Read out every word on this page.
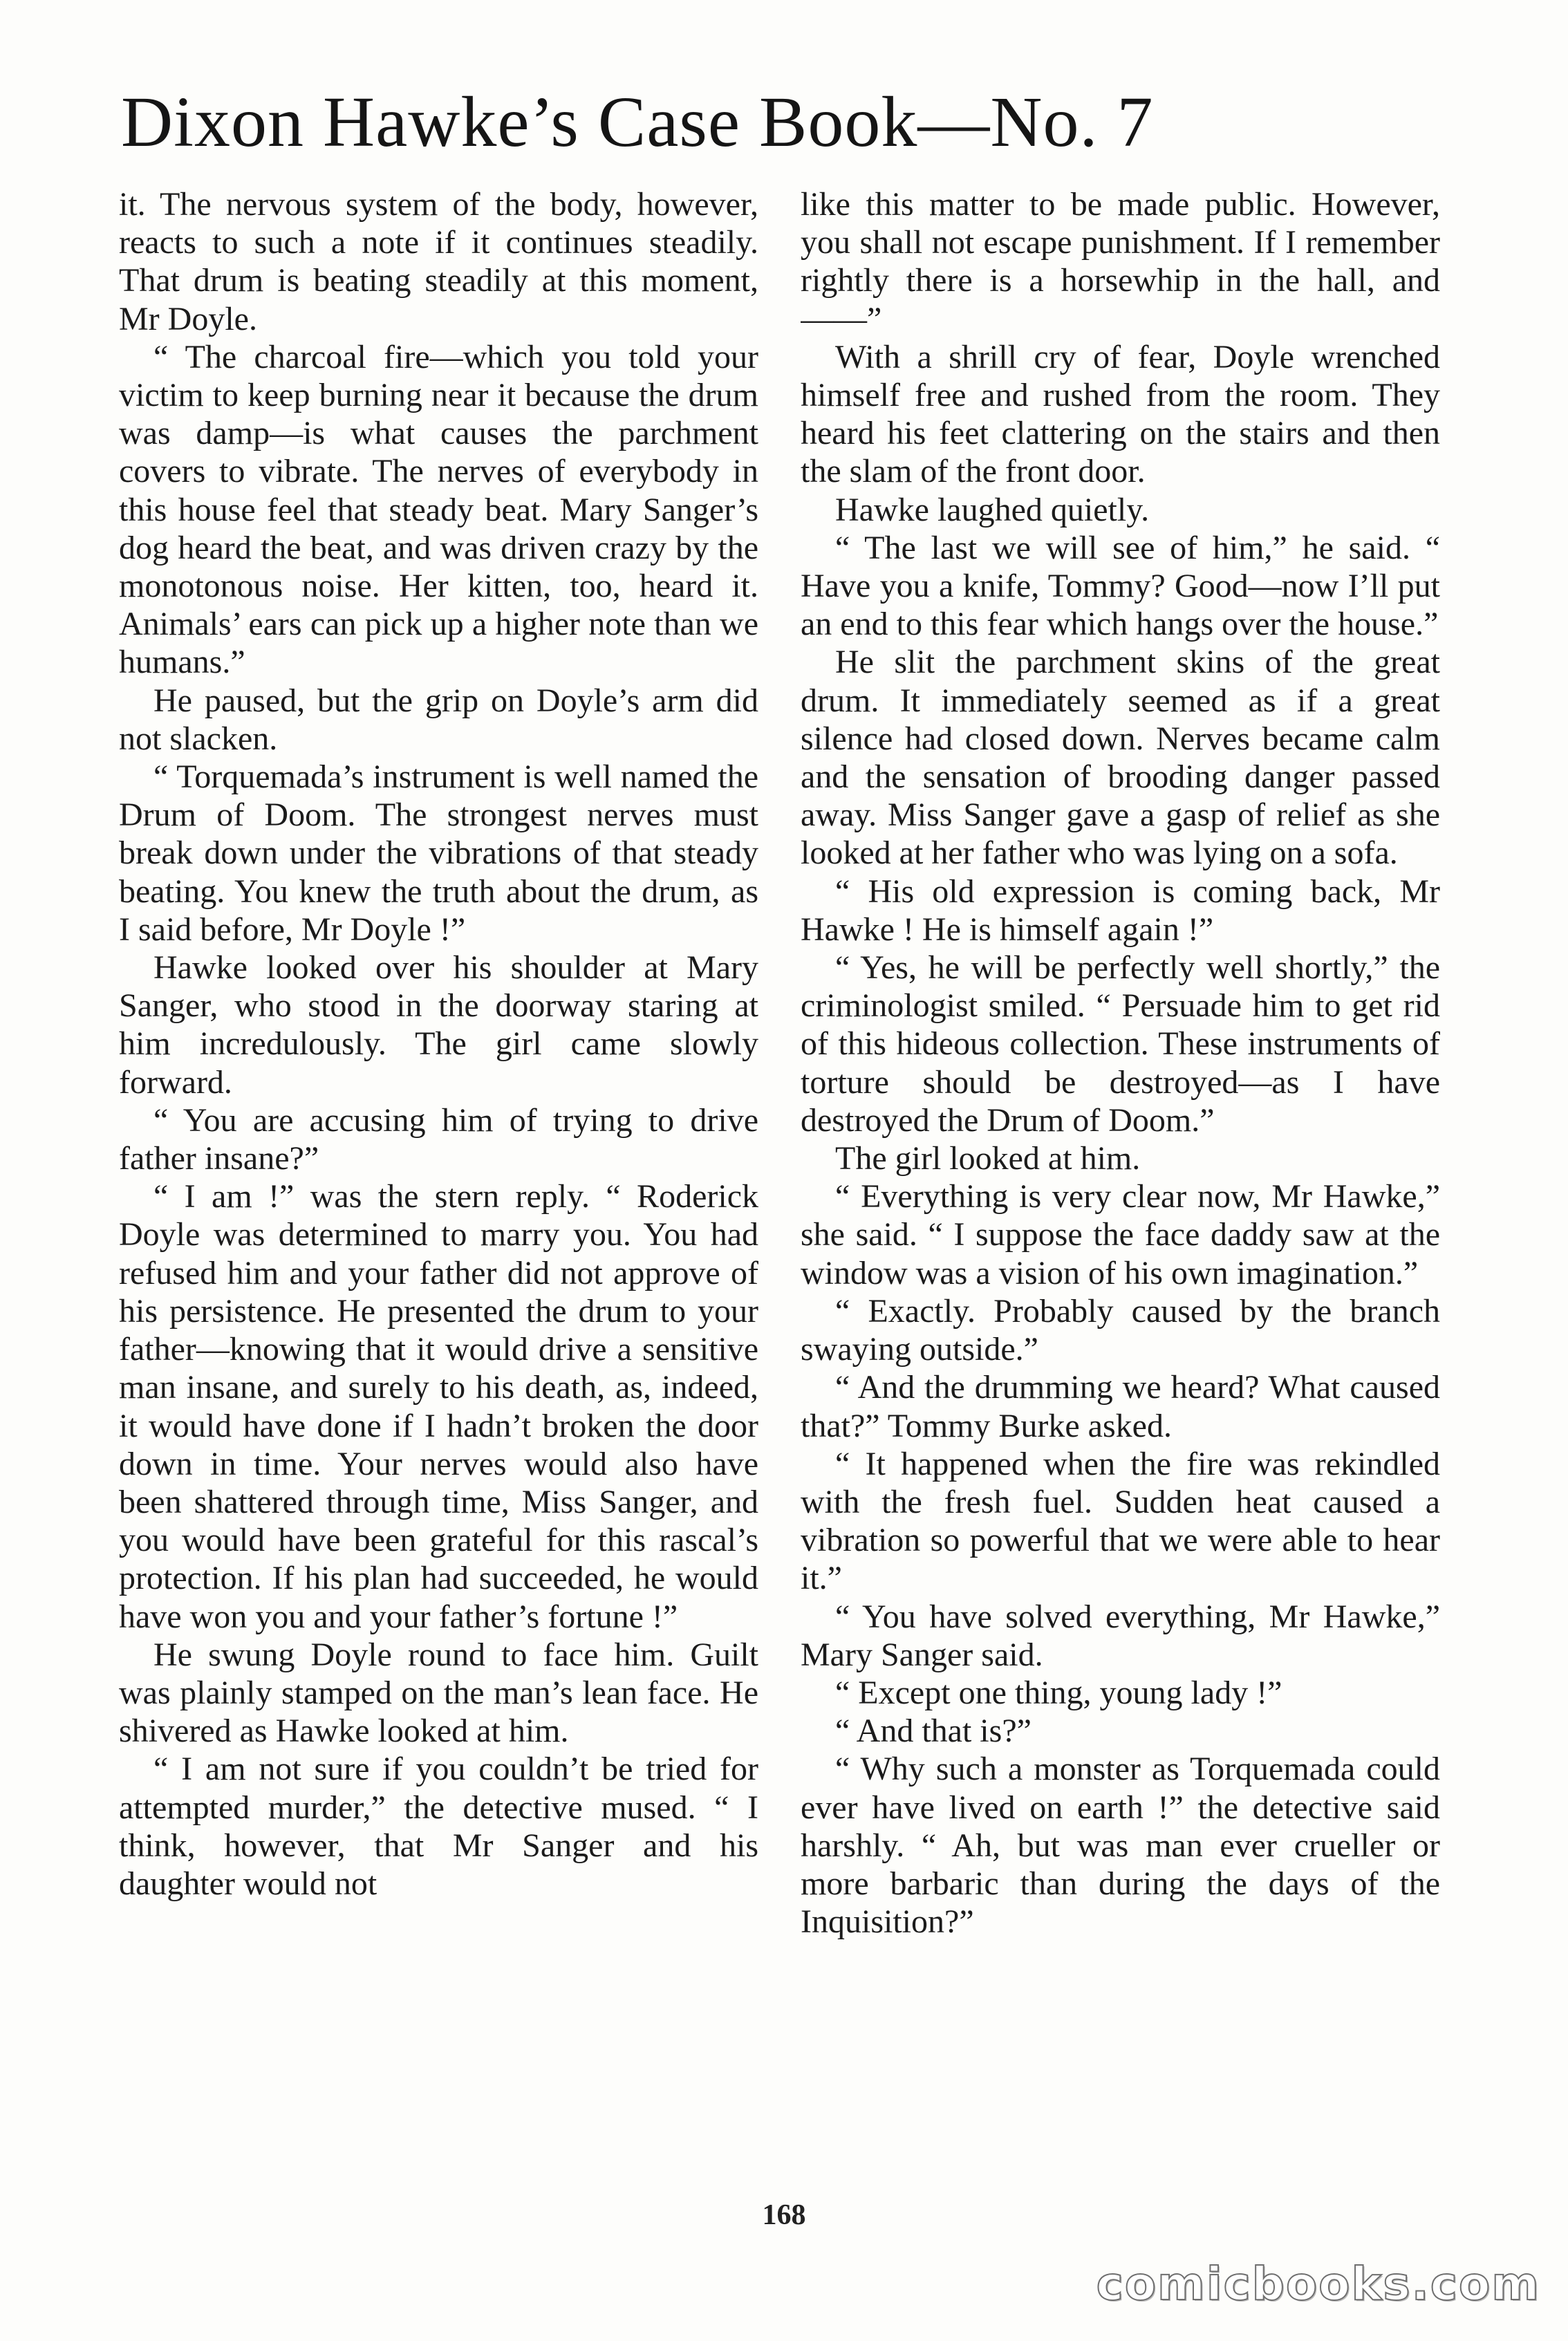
Dixon Hawke’s Case Book—No. 7

it. The nervous system of the body, however, reacts to such a note if it continues steadily. That drum is beating steadily at this moment, Mr Doyle.

“ The charcoal fire—which you told your victim to keep burning near it because the drum was damp—is what causes the parchment covers to vibrate. The nerves of everybody in this house feel that steady beat. Mary Sanger’s dog heard the beat, and was driven crazy by the monotonous noise. Her kitten, too, heard it. Animals’ ears can pick up a higher note than we humans.”

He paused, but the grip on Doyle’s arm did not slacken.

“ Torquemada’s instrument is well named the Drum of Doom. The strongest nerves must break down under the vibrations of that steady beating. You knew the truth about the drum, as I said before, Mr Doyle !”

Hawke looked over his shoulder at Mary Sanger, who stood in the doorway staring at him incredulously. The girl came slowly forward.

“ You are accusing him of trying to drive father insane?”

“ I am !” was the stern reply. “ Roderick Doyle was determined to marry you. You had refused him and your father did not approve of his persistence. He presented the drum to your father—knowing that it would drive a sensitive man insane, and surely to his death, as, indeed, it would have done if I hadn’t broken the door down in time. Your nerves would also have been shattered through time, Miss Sanger, and you would have been grateful for this rascal’s protection. If his plan had succeeded, he would have won you and your father’s fortune !”

He swung Doyle round to face him. Guilt was plainly stamped on the man’s lean face. He shivered as Hawke looked at him.

“ I am not sure if you couldn’t be tried for attempted murder,” the detective mused. “ I think, however, that Mr Sanger and his daughter would not

like this matter to be made public. However, you shall not escape punishment. If I remember rightly there is a horsewhip in the hall, and——”

With a shrill cry of fear, Doyle wrenched himself free and rushed from the room. They heard his feet clattering on the stairs and then the slam of the front door.

Hawke laughed quietly.

“ The last we will see of him,” he said. “ Have you a knife, Tommy? Good—now I’ll put an end to this fear which hangs over the house.”

He slit the parchment skins of the great drum. It immediately seemed as if a great silence had closed down. Nerves became calm and the sensation of brooding danger passed away. Miss Sanger gave a gasp of relief as she looked at her father who was lying on a sofa.

“ His old expression is coming back, Mr Hawke ! He is himself again !”

“ Yes, he will be perfectly well shortly,” the criminologist smiled. “ Persuade him to get rid of this hideous collection. These instruments of torture should be destroyed—as I have destroyed the Drum of Doom.”

The girl looked at him.

“ Everything is very clear now, Mr Hawke,” she said. “ I suppose the face daddy saw at the window was a vision of his own imagination.”

“ Exactly. Probably caused by the branch swaying outside.”

“ And the drumming we heard? What caused that?” Tommy Burke asked.

“ It happened when the fire was rekindled with the fresh fuel. Sudden heat caused a vibration so powerful that we were able to hear it.”

“ You have solved everything, Mr Hawke,” Mary Sanger said.

“ Except one thing, young lady !”

“ And that is?”

“ Why such a monster as Torquemada could ever have lived on earth !” the detective said harshly. “ Ah, but was man ever crueller or more barbaric than during the days of the Inquisition?”

168
comicbooks.com
